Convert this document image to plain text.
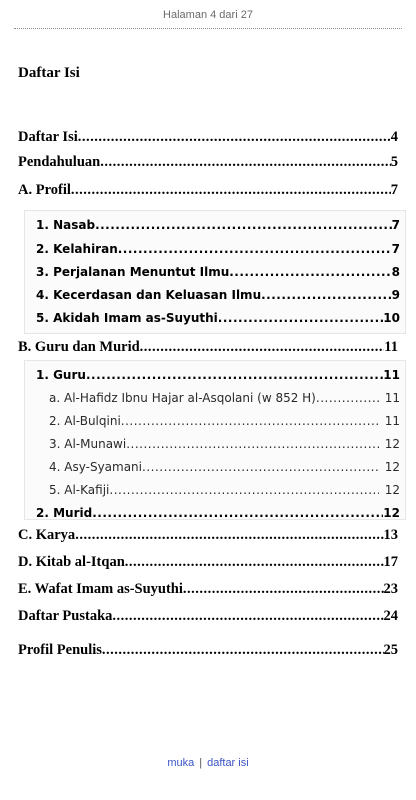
Halaman 4 dari 27
Daftar Isi
Daftar Isi .....	4
Pendahuluan .....	5
A. Profil .....	7
1. Nasab .....	7
2. Kelahiran .....	7
3. Perjalanan Menuntut Ilmu .....	8
4. Kecerdasan dan Keluasan Ilmu .....	9
5. Akidah Imam as-Suyuthi .....	10
B. Guru dan Murid .....	11
1. Guru .....	11
a. Al-Hafidz Ibnu Hajar al-Asqolani (w 852 H) .....	11
2. Al-Bulqini .....	11
3. Al-Munawi .....	12
4. Asy-Syamani .....	12
5. Al-Kafiji .....	12
2. Murid .....	12
C. Karya .....	13
D. Kitab al-Itqan .....	17
E. Wafat Imam as-Suyuthi .....	23
Daftar Pustaka .....	24
Profil Penulis .....	25
muka | daftar isi
